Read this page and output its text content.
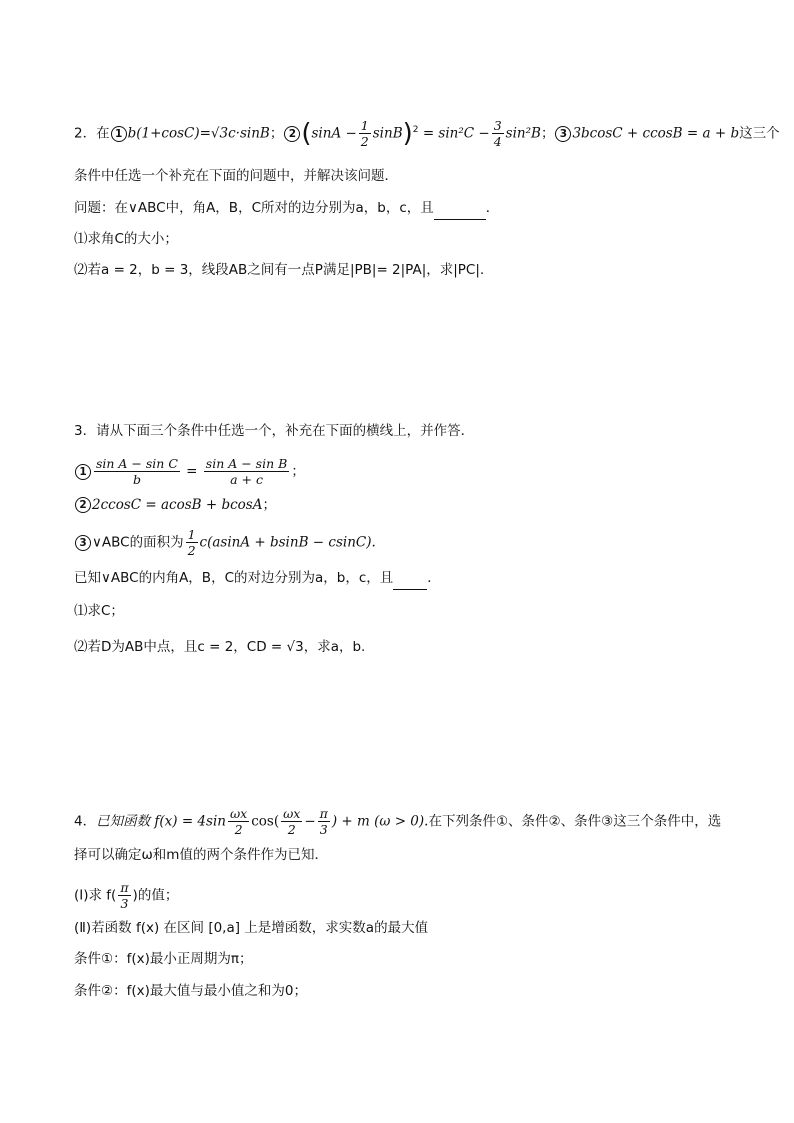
2．在 1 b(1+cosC)=√3c·sinB； 2 $(\sin A - \frac{1}{2} \sin B)^2 = \sin^2C - \frac{3}{4} \sin^2B$； 3 3bcosC + ccosB = a + b这三个
条件中任选一个补充在下面的问题中，并解决该问题．
问题：在∨ABC中，角A，B，C所对的边分别为a，b，c，且	．
⑴求角C的大小；
⑵若a = 2，b = 3，线段AB之间有一点P满足|PB|= 2|PA|，求|PC|.
3．请从下面三个条件中任选一个，补充在下面的横线上，并作答．
$1 \frac{\text{sin A − sin C}}{b} = \frac{\text{sin A − sin B}}{a + c}$ ；
2 2ccosC = acosB + bcosA；
3 ∨ABC的面积为 $\frac{1}{2} c(asinA + bsinB - csinC)$.
已知∨ABC的内角A，B，C的对边分别为a，b，c，且	．
⑴求C；
⑵若D为AB中点，且c = 2，CD = √3，求a，b.
4．已知函数 $f(x) = 4\sin \frac{\omega x}{2} \cos( \frac{\omega x}{2} - \frac{\pi}{3}$ ) + m (ω > 0).在下列条件①、条件②、条件③这三个条件中，选
择可以确定ω和m值的两个条件作为已知．
(Ⅰ)求 $f( \frac{\pi}{3}$ )的值；
(Ⅱ)若函数 f(x) 在区间 [0,a] 上是增函数，求实数a的最大值
条件①：f(x)最小正周期为π；
条件②：f(x)最大值与最小值之和为0；
